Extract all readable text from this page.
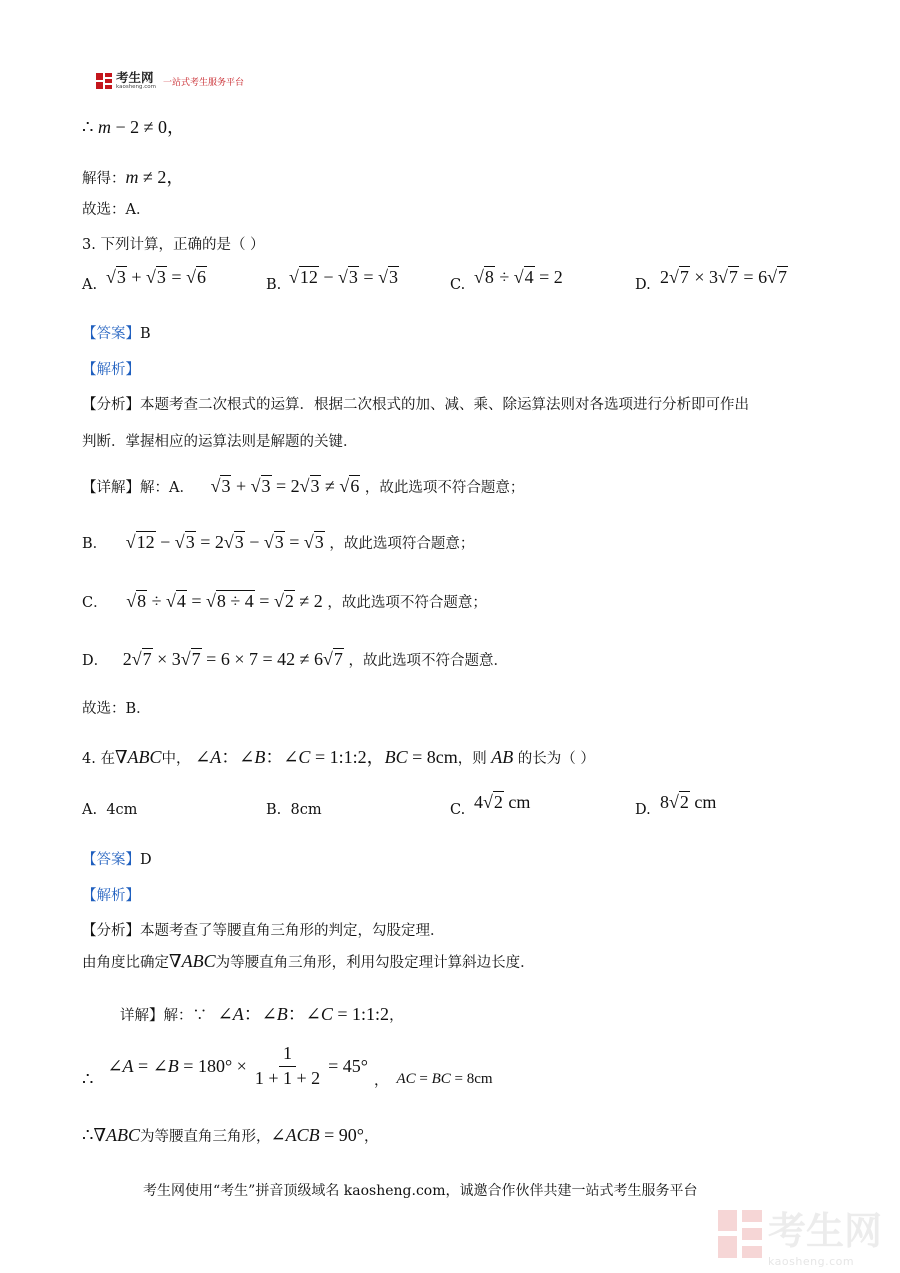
考生网
kaosheng.com 一站式考生服务平台
∴ m − 2 ≠ 0，
解得：m ≠ 2，
故选：A．
3. 下列计算，正确的是（ ）
A. √3 + √3 = √6	B. √12 − √3 = √3	C. √8 ÷ √4 = 2	D. 2√7 × 3√7 = 6√7
【答案】B
【解析】
【分析】本题考查二次根式的运算．根据二次根式的加、减、乘、除运算法则对各选项进行分析即可作出
判断．掌握相应的运算法则是解题的关键．
【详解】解：A． √3 + √3 = 2√3 ≠ √6 ，故此选项不符合题意；
B． √12 − √3 = 2√3 − √3 = √3 ，故此选项符合题意；
C． √8 ÷ √4 = √8 ÷ 4 = √2 ≠ 2 ，故此选项不符合题意；
D． 2√7 × 3√7 = 6 × 7 = 42 ≠ 6√7 ，故此选项不符合题意．
故选：B．
4. 在∇ABC中， ∠A：∠B：∠C = 1:1:2，BC = 8cm，则 AB 的长为（ ）
A. 4cm	B. 8cm	C. 4√2 cm	D. 8√2 cm
【答案】D
【解析】
【分析】本题考查了等腰直角三角形的判定，勾股定理．
由角度比确定∇ABC为等腰直角三角形，利用勾股定理计算斜边长度．
详解】解：∵ ∠A：∠B：∠C = 1:1:2，
∴
∠A = ∠B = $180^\circ \times \frac{1}{1 + 1 + 2} = 45^\circ$
， AC = BC = 8cm
∴∇ABC为等腰直角三角形，∠ACB = 90°，
考生网使用“考生”拼音顶级域名 kaosheng.com，诚邀合作伙伴共建一站式考生服务平台
考生网
kaosheng.com
